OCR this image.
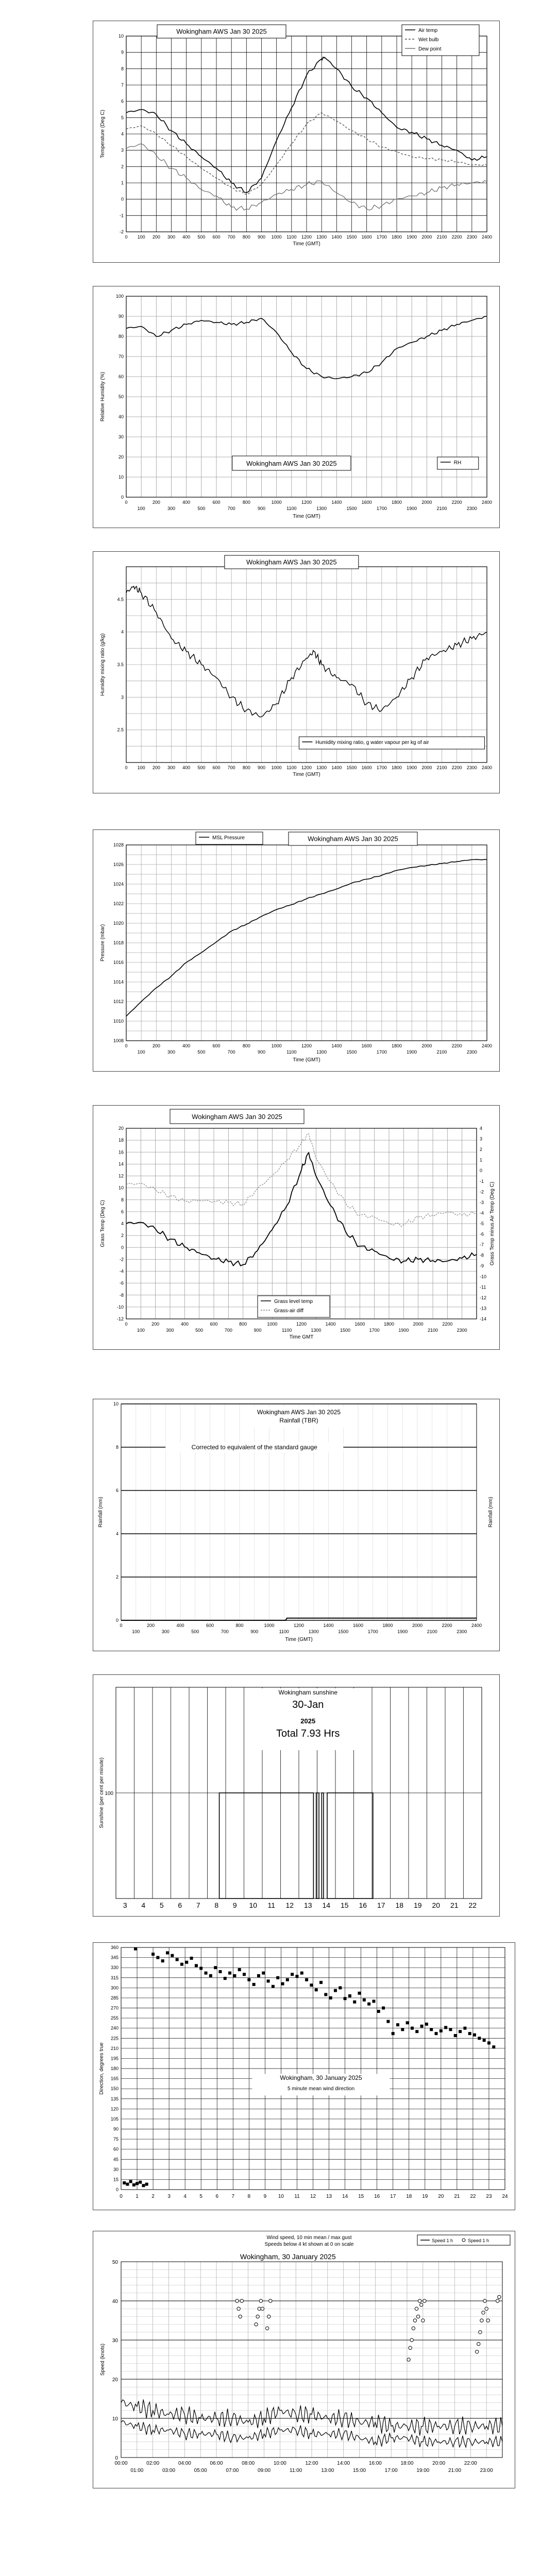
0 100 200 300 400 500 600 700 800 900 1000 1100 1200 1300 1400 1500 1600 1700 1800 1900 2000 2100 2200 2300 2400
-2
-1
0
1
2
3
4
5
6
7
8
9
10
Time (GMT)
Temperature (Deg C)
Wokingham AWS Jan 30 2025	Air temp
Wet bulb
Dew point
0	200	400	600	800	1000	1200	1400	1600	1800	2000	2200	2400
100	300	500	700	900	1100	1300	1500	1700	1900	2100	2300
0
10
20
30
40
50
60
70
80
90
100
Time (GMT)
Relative Humidity (%)
Wokingham AWS Jan 30 2025	RH
0 100 200 300 400 500 600 700 800 900 1000 1100 1200 1300 1400 1500 1600 1700 1800 1900 2000 2100 2200 2300 2400
2.5
3
3.5
4
4.5
Time (GMT)
Humidity mixing ratio (g/kg)
Wokingham AWS Jan 30 2025
Humidity mixing ratio, g water vapour per kg of air
0	200	400	600	800	1000	1200	1400	1600	1800	2000	2200	2400
100	300	500	700	900	1100	1300	1500	1700	1900	2100	2300
1008
1010
1012
1014
1016
1018
1020
1022
1024
1026
1028
Time (GMT)
Pressure (mbar)
MSL Pressure	Wokingham AWS Jan 30 2025
0	200	400	600	800	1000	1200	1400	1600	1800	2000	2200
100	300	500	700	900	1100	1300	1500	1700	1900	2100	2300
-12
-10
-8
-6
-4
-2
0
2
4
6
8
10
12
14
16
18
20
-14
-13
-12
-11
-10
-9
-8
-7
-6
-5
-4
-3
-2
-1
0
1
2
3
4
Time GMT
Grass Temp (Deg C)	Grass Temp minus Air Temp (Deg C)
Wokingham AWS Jan 30 2025
Grass level temp
Grass-air diff
0	200	400	600	800	1000	1200	1400	1600	1800	2000	2200	2400
100	300	500	700	900	1100	1300	1500	1700	1900	2100	2300
0
2
4
6
8
10
Time (GMT)
Rainfall (mm)	Rainfall (mm)
Wokingham AWS Jan 30 2025
Rainfall (TBR)
Corrected to equivalent of the standard gauge
3 4 5 6 7 8 9 10 11 12 13 14 15 16 17 18 19 20 21 22
100
Sunshine (per cent per minute)
Wokingham sunshine
30-Jan
2025
Total 7.93 Hrs
0	1	2	3	4	5	6	7	8	9 10 11 12 13 14 15 16 17 18 19 20 21 22 23 24
0
15
30
45
60
75
90
105
120
135
150
165
180
195
210
225
240
255
270
285
300
315
330
345
360
Direction, degrees true	Wokingham, 30 January 2025
5 minute mean wind direction
00:00	02:00	04:00	06:00	08:00	10:00	12:00	14:00	16:00	18:00	20:00	22:00
01:00	03:00	05:00	07:00	09:00	11:00	13:00	15:00	17:00	19:00	21:00	23:00
0
10
20
30
40
50
Speed (knots)
Wind speed, 10 min mean / max gust
Speeds below 4 kt shown at 0 on scale
Wokingham, 30 January 2025
Speed 1 h	Speed 1 h
